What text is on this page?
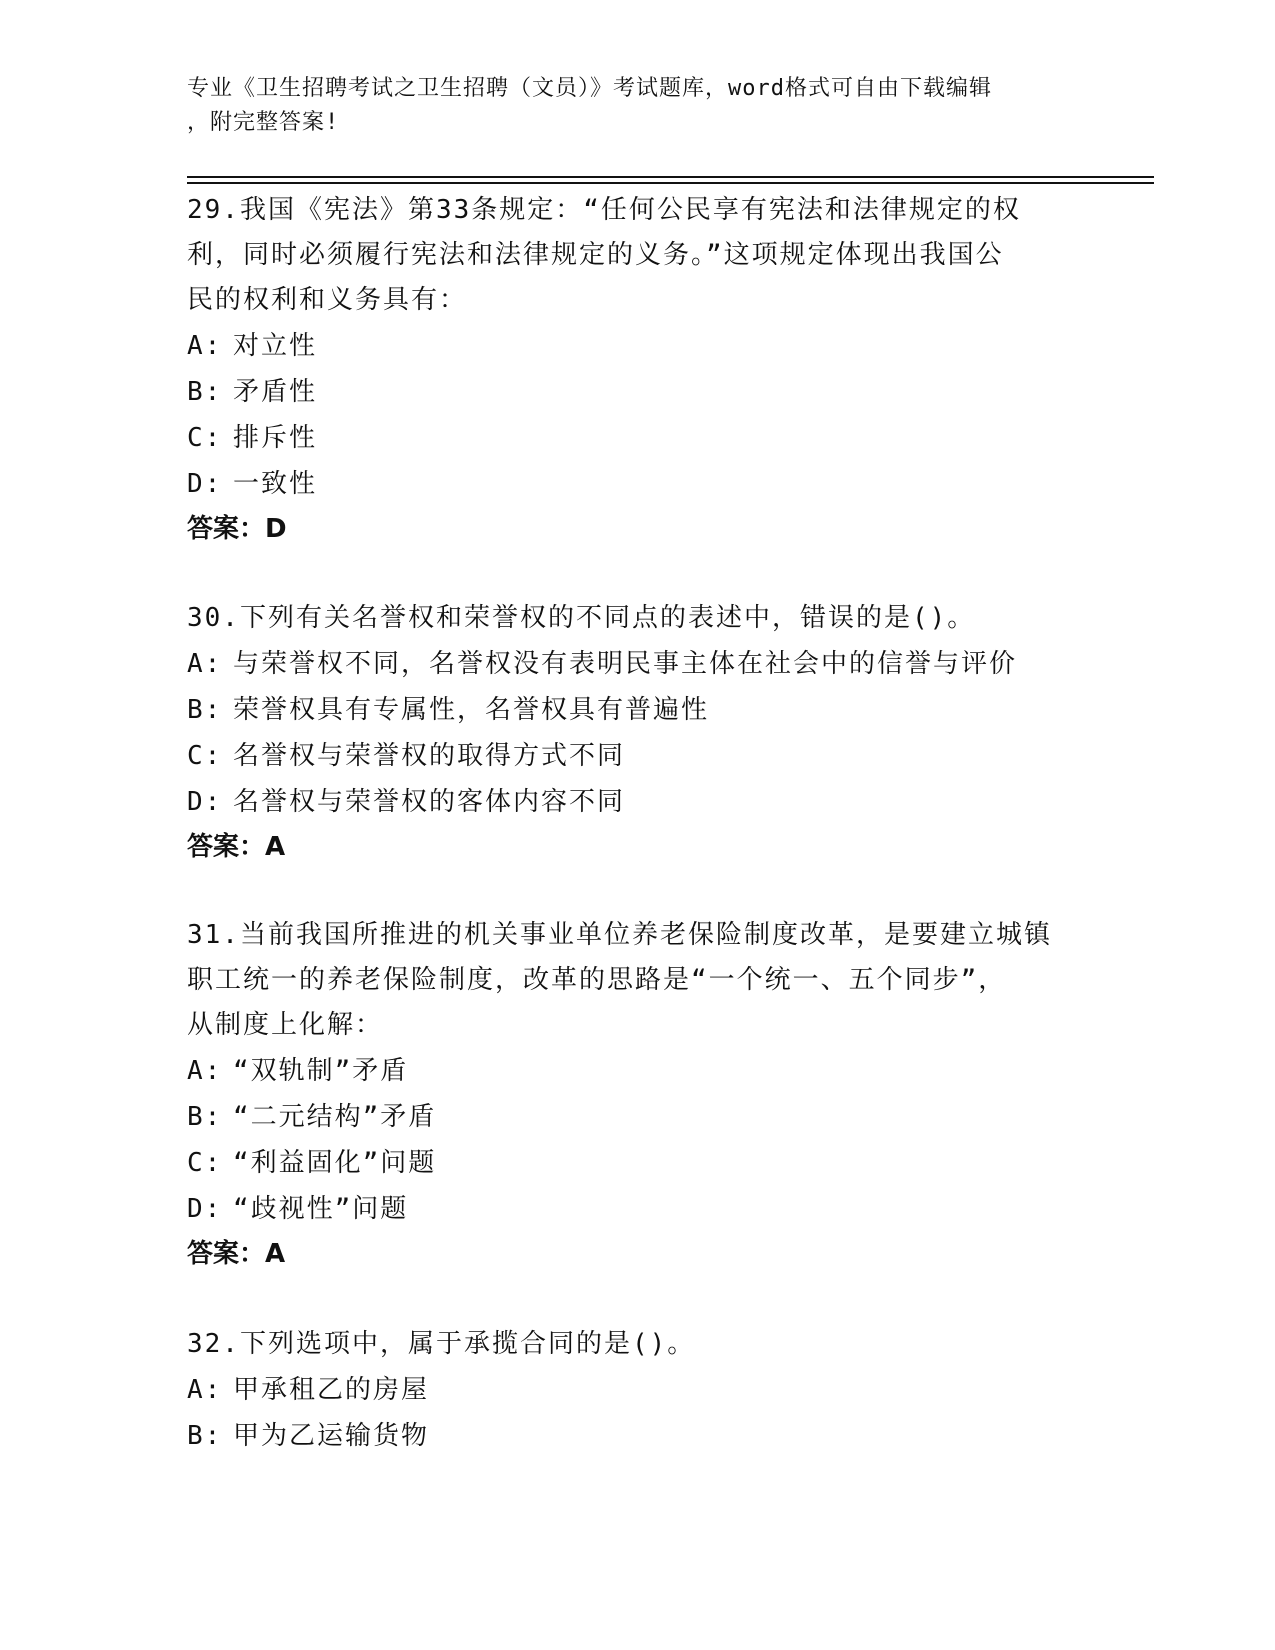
专业《卫生招聘考试之卫生招聘（文员）》考试题库，word格式可自由下载编辑
，附完整答案!
29.我国《宪法》第33条规定：“任何公民享有宪法和法律规定的权
利，同时必须履行宪法和法律规定的义务。”这项规定体现出我国公
民的权利和义务具有：
A: 对立性
B: 矛盾性
C: 排斥性
D: 一致性
答案：D
30.下列有关名誉权和荣誉权的不同点的表述中，错误的是()。
A: 与荣誉权不同，名誉权没有表明民事主体在社会中的信誉与评价
B: 荣誉权具有专属性，名誉权具有普遍性
C: 名誉权与荣誉权的取得方式不同
D: 名誉权与荣誉权的客体内容不同
答案：A
31.当前我国所推进的机关事业单位养老保险制度改革，是要建立城镇
职工统一的养老保险制度，改革的思路是“一个统一、五个同步”，
从制度上化解：
A: “双轨制”矛盾
B: “二元结构”矛盾
C: “利益固化”问题
D: “歧视性”问题
答案：A
32.下列选项中，属于承揽合同的是()。
A: 甲承租乙的房屋
B: 甲为乙运输货物
